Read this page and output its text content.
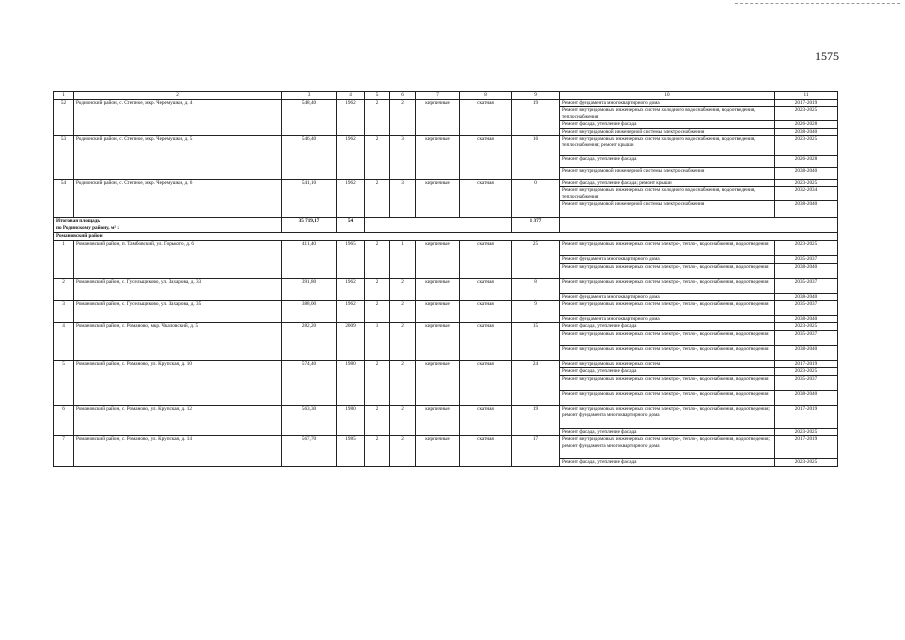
1575
1	2	3	4	5	6	7	8	9	10	11
52	Родионский район, с. Степное, мкр. Черемушки, д. 4	548,40	1962	2	2	кирпичные	скатная	19	Ремонт фундамента многоквартирного дома	2017-2019
									Ремонт внутридомовых инженерных систем холодного водоснабжения, водоотведения, теплоснабжения	2023-2025
									Ремонт фасада, утепление фасада	2026-2028
									Ремонт внутридомовой инженерной системы электроснабжения	2038-2040
53	Родионский район, с. Степное, мкр. Черемушки, д. 5	546,40	1962	2	3	кирпичные	скатная	16	Ремонт внутридомовых инженерных систем холодного водоснабжения, водоотведения, теплоснабжения; ремонт крыши	2023-2025
									Ремонт фасада, утепление фасада	2026-2028
									Ремонт внутридомовой инженерной системы электроснабжения	2038-2040
54	Родионский район, с. Степное, мкр. Черемушки, д. 6	541,10	1962	2	3	кирпичные	скатная	0	Ремонт фасада, утепление фасада; ремонт крыши	2023-2025
									Ремонт внутридомовых инженерных систем холодного водоснабжения, водоотведения, теплоснабжения	2032-2034
									Ремонт внутридомовой инженерной системы электроснабжения	2038-2040

Итоговая площадь
по Родинскому району, м² :		35 719,17	54					1 377		
Романовский район										
1	Романовский район, п. Тамбовский, ул. Горького, д. 6	411,40	1965	2	1	кирпичные	скатная	25	Ремонт внутридомовых инженерных систем электро-, тепло-, водоснабжения, водоотведения	2023-2025
									Ремонт фундамента многоквартирного дома	2035-2037
									Ремонт внутридомовых инженерных систем электро-, тепло-, водоснабжения, водоотведения	2038-2040
2	Романовский район, с. Гусельщиково, ул. Захарова, д. 33	391,80	1962	2	2	кирпичные	скатная	8	Ремонт внутридомовых инженерных систем электро-, тепло-, водоснабжения, водоотведения	2035-2037
									Ремонт фундамента многоквартирного дома	2038-2040
3	Романовский район, с. Гусельщиково, ул. Захарова, д. 35	388,00	1962	2	2	кирпичные	скатная	9	Ремонт внутридомовых инженерных систем электро-, тепло-, водоснабжения, водоотведения	2035-2037
									Ремонт фундамента многоквартирного дома	2038-2040
4	Романовский район, с. Романово, мкр. Чкаловский, д. 5	282,20	2009	1	2	кирпичные	скатная	15	Ремонт фасада, утепление фасада	2023-2025
									Ремонт внутридомовых инженерных систем электро-, тепло-, водоснабжения, водоотведения	2035-2037
									Ремонт внутридомовых инженерных систем электро-, тепло-, водоснабжения, водоотведения	2038-2040
5	Романовский район, с. Романово, ул. Крупская, д. 10	574,40	1980	2	2	кирпичные	скатная	24	Ремонт внутридомовых инженерных систем	2017-2019
									Ремонт фасада, утепление фасада	2023-2025
									Ремонт внутридомовых инженерных систем электро-, тепло-, водоснабжения, водоотведения	2035-2037
									Ремонт внутридомовых инженерных систем электро-, тепло-, водоснабжения, водоотведения	2038-2040
6	Романовский район, с. Романово, ул. Крупская, д. 12	563,30	1980	2	2	кирпичные	скатная	19	Ремонт внутридомовых инженерных систем электро-, тепло-, водоснабжения, водоотведения; ремонт фундамента многоквартирного дома	2017-2019
									Ремонт фасада, утепление фасада	2023-2025
7	Романовский район, с. Романово, ул. Крупская, д. 14	567,70	1985	2	2	кирпичные	скатная	17	Ремонт внутридомовых инженерных систем электро-, тепло-, водоснабжения, водоотведения; ремонт фундамента многоквартирного дома	2017-2019
									Ремонт фасада, утепление фасада	2023-2025
